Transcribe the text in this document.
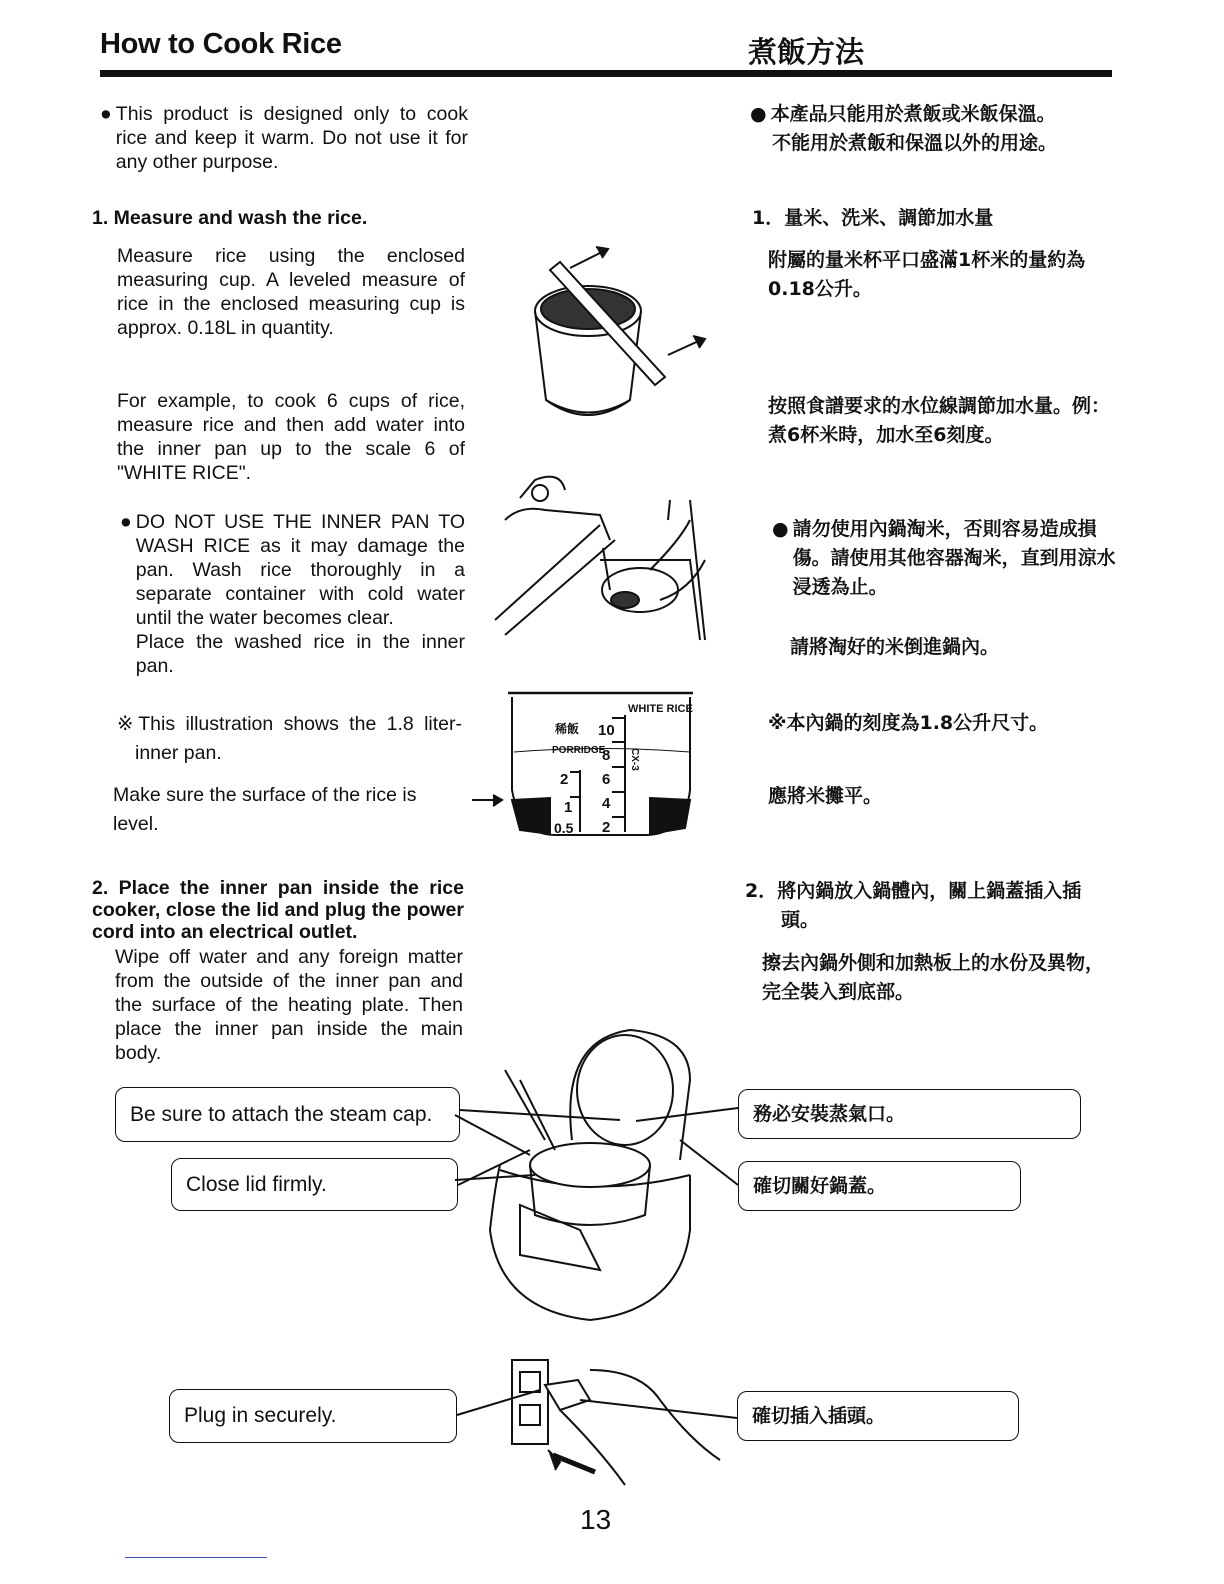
How to Cook Rice	煮飯方法
● This product is designed only to cook rice and keep it warm. Do not use it for any other purpose.
● 本產品只能用於煮飯或米飯保溫。
不能用於煮飯和保溫以外的用途。
1. Measure and wash the rice.	1．量米、洗米、調節加水量
Measure rice using the enclosed measuring cup. A leveled measure of rice in the enclosed measuring cup is approx. 0.18L in quantity.
附屬的量米杯平口盛滿1杯米的量約為0.18公升。
For example, to cook 6 cups of rice, measure rice and then add water into the inner pan up to the scale 6 of "WHITE RICE".
按照食譜要求的水位線調節加水量。例：煮6杯米時，加水至6刻度。
● DO NOT USE THE INNER PAN TO WASH RICE as it may damage the pan. Wash rice thoroughly in a separate container with cold water until the water becomes clear.
Place the washed rice in the inner pan.
● 請勿使用內鍋淘米，否則容易造成損傷。請使用其他容器淘米，直到用涼水浸透為止。
請將淘好的米倒進鍋內。
※This illustration shows the 1.8 liter-inner pan.
※本內鍋的刻度為1.8公升尺寸。
Make sure the surface of the rice is level.
應將米攤平。
2. Place the inner pan inside the rice cooker, close the lid and plug the power cord into an electrical outlet.
2．將內鍋放入鍋體內，關上鍋蓋插入插頭。
Wipe off water and any foreign matter from the outside of the inner pan and the surface of the heating plate. Then place the inner pan inside the main body.
擦去內鍋外側和加熱板上的水份及異物，完全裝入到底部。
Be sure to attach the steam cap.
Close lid firmly.
Plug in securely.
務必安裝蒸氣口。
確切關好鍋蓋。
確切插入插頭。
WHITE RICE
稀飯
PORRIDGE
10
8
6
4
2
2
1
0.5
CX-3
13
